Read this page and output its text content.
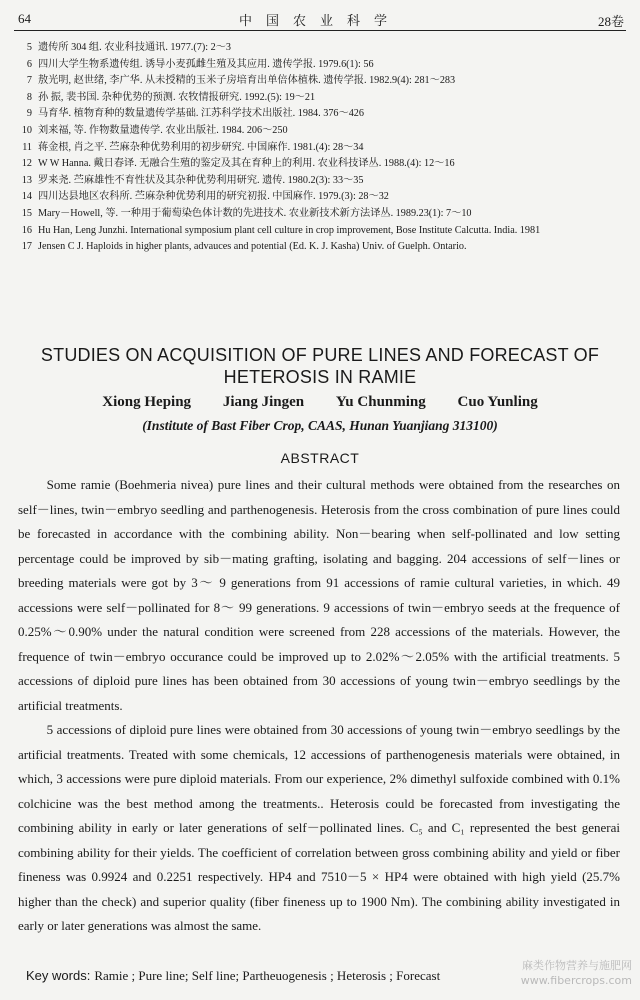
64	中国农业科学	28卷
5 遗传所 304 组. 农业科技通讯. 1977.(7): 2～3
6 四川大学生物系遗传组. 诱导小麦孤雌生殖及其应用. 遗传学报. 1979.6(1): 56
7 敖光明, 赵世绪, 李广华. 从未授精的玉米子房培育出单倍体植株. 遗传学报. 1982.9(4): 281～283
8 孙 振, 裴书国. 杂种优势的预测. 农牧情报研究. 1992.(5): 19～21
9 马育华. 植物育种的数量遗传学基础. 江苏科学技术出版社. 1984. 376～426
10 刘来福, 等. 作物数量遗传学. 农业出版社. 1984. 206～250
11 蒋金根, 肖之平. 苎麻杂种优势利用的初步研究. 中国麻作. 1981.(4): 28～34
12 W W Hanna. 戴日春译. 无融合生殖的鉴定及其在育种上的利用. 农业科技译丛. 1988.(4): 12～16
13 罗来尧. 苎麻雄性不育性状及其杂种优势利用研究. 遗传. 1980.2(3): 33～35
14 四川达县地区农科所. 苎麻杂种优势利用的研究初报. 中国麻作. 1979.(3): 28～32
15 Mary－Howell, 等. 一种用于葡萄染色体计数的先进技术. 农业新技术新方法译丛. 1989.23(1): 7～10
16 Hu Han, Leng Junzhi. International symposium plant cell culture in crop improvement, Bose Institute Calcutta. India. 1981
17 Jensen C J. Haploids in higher plants, advauces and potential (Ed. K. J. Kasha) Univ. of Guelph. Ontario.
STUDIES ON ACQUISITION OF PURE LINES AND FORECAST OF
HETEROSIS IN RAMIE
Xiong Heping Jiang Jingen Yu Chunming Cuo Yunling
(Institute of Bast Fiber Crop, CAAS, Hunan Yuanjiang 313100)
ABSTRACT

Some ramie (Boehmeria nivea) pure lines and their cultural methods were obtained from the researches on self－lines, twin－embryo seedling and parthenogenesis. Heterosis from the cross combination of pure lines could be forecasted in accordance with the combining ability. Non－bearing when self-pollinated and low setting percentage could be improved by sib－mating grafting, isolating and bagging. 204 accessions of self－lines or breeding materials were got by 3～ 9 generations from 91 accessions of ramie cultural varieties, in which. 49 accessions were self－pollinated for 8～ 99 generations. 9 accessions of twin－embryo seeds at the frequence of 0.25%～0.90% under the natural condition were screened from 228 accessions of the materials. However, the frequence of twin－embryo occurance could be improved up to 2.02%～2.05% with the artificial treatments. 5 accessions of diploid pure lines has been obtained from 30 accessions of young twin－embryo seedlings by the artificial treatments.

5 accessions of diploid pure lines were obtained from 30 accessions of young twin－embryo seedlings by the artificial treatments. Treated with some chemicals, 12 accessions of parthenogenesis materials were obtained, in which, 3 accessions were pure diploid materials. From our experience, 2% dimethyl sulfoxide combined with 0.1% colchicine was the best method among the treatments.. Heterosis could be forecasted from investigating the combining ability in early or later generations of self－pollinated lines. C₅ and C₁ represented the best generai combining ability for their yields. The coefficient of correlation between gross combining ability and yield or fiber fineness was 0.9924 and 0.2251 respectively. HP4 and 7510－5 × HP4 were obtained with high yield (25.7% higher than the check) and superior quality (fiber fineness up to 1900 Nm). The combining ability investigated in early or later generations was almost the same.

Key words: Ramie ; Pure line; Self line; Partheuogenesis ; Heterosis ; Forecast
麻类作物营养与施肥网
www.fibercrops.com
